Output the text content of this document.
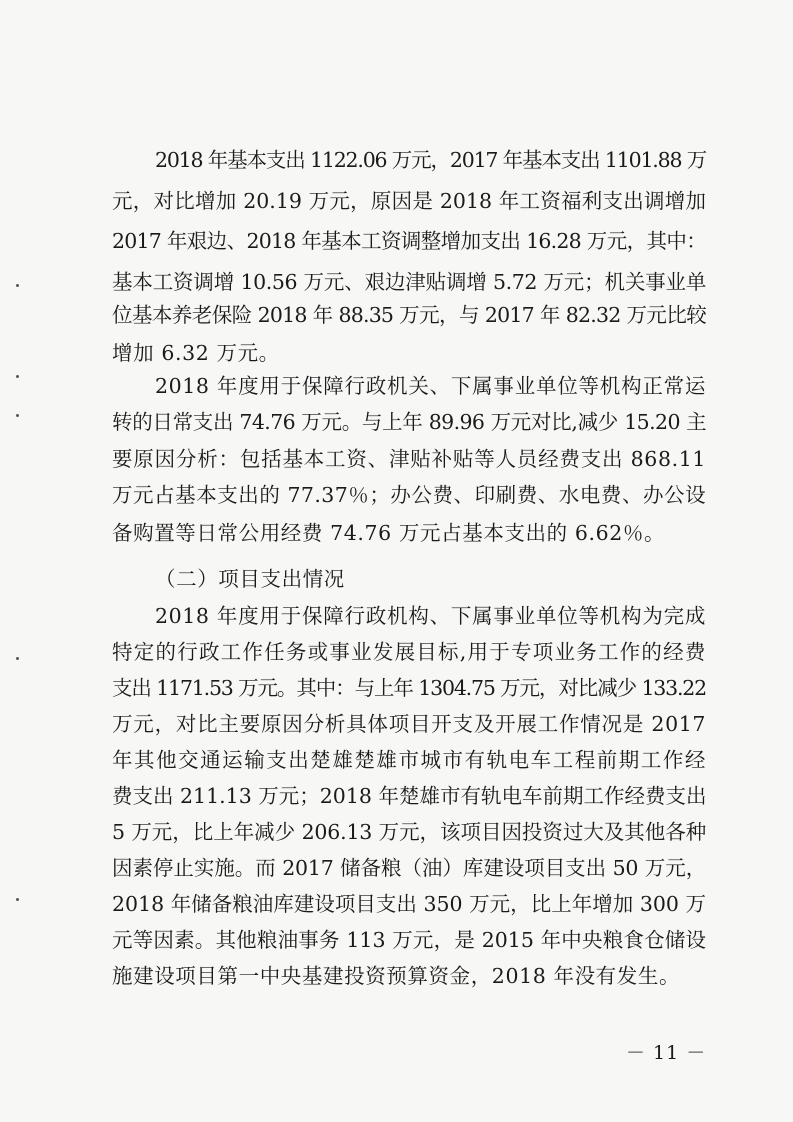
2018 年基本支出 1122.06 万元，2017 年基本支出 1101.88 万
元，对比增加 20.19 万元，原因是 2018 年工资福利支出调增加
2017 年艰边、2018 年基本工资调整增加支出 16.28 万元，其中：
基本工资调增 10.56 万元、艰边津贴调增 5.72 万元；机关事业单
位基本养老保险 2018 年 88.35 万元，与 2017 年 82.32 万元比较
增加 6.32 万元。
2018 年度用于保障行政机关、下属事业单位等机构正常运
转的日常支出 74.76 万元。与上年 89.96 万元对比,减少 15.20 主
要原因分析：包括基本工资、津贴补贴等人员经费支出 868.11
万元占基本支出的 77.37％；办公费、印刷费、水电费、办公设
备购置等日常公用经费 74.76 万元占基本支出的 6.62％。
（二）项目支出情况
2018 年度用于保障行政机构、下属事业单位等机构为完成
特定的行政工作任务或事业发展目标,用于专项业务工作的经费
支出 1171.53 万元。其中：与上年 1304.75 万元，对比减少 133.22
万元，对比主要原因分析具体项目开支及开展工作情况是 2017
年其他交通运输支出楚雄楚雄市城市有轨电车工程前期工作经
费支出 211.13 万元；2018 年楚雄市有轨电车前期工作经费支出
5 万元，比上年减少 206.13 万元，该项目因投资过大及其他各种
因素停止实施。而 2017 储备粮（油）库建设项目支出 50 万元，
2018 年储备粮油库建设项目支出 350 万元，比上年增加 300 万
元等因素。其他粮油事务 113 万元，是 2015 年中央粮食仓储设
施建设项目第一中央基建投资预算资金，2018 年没有发生。
－ 11 －
